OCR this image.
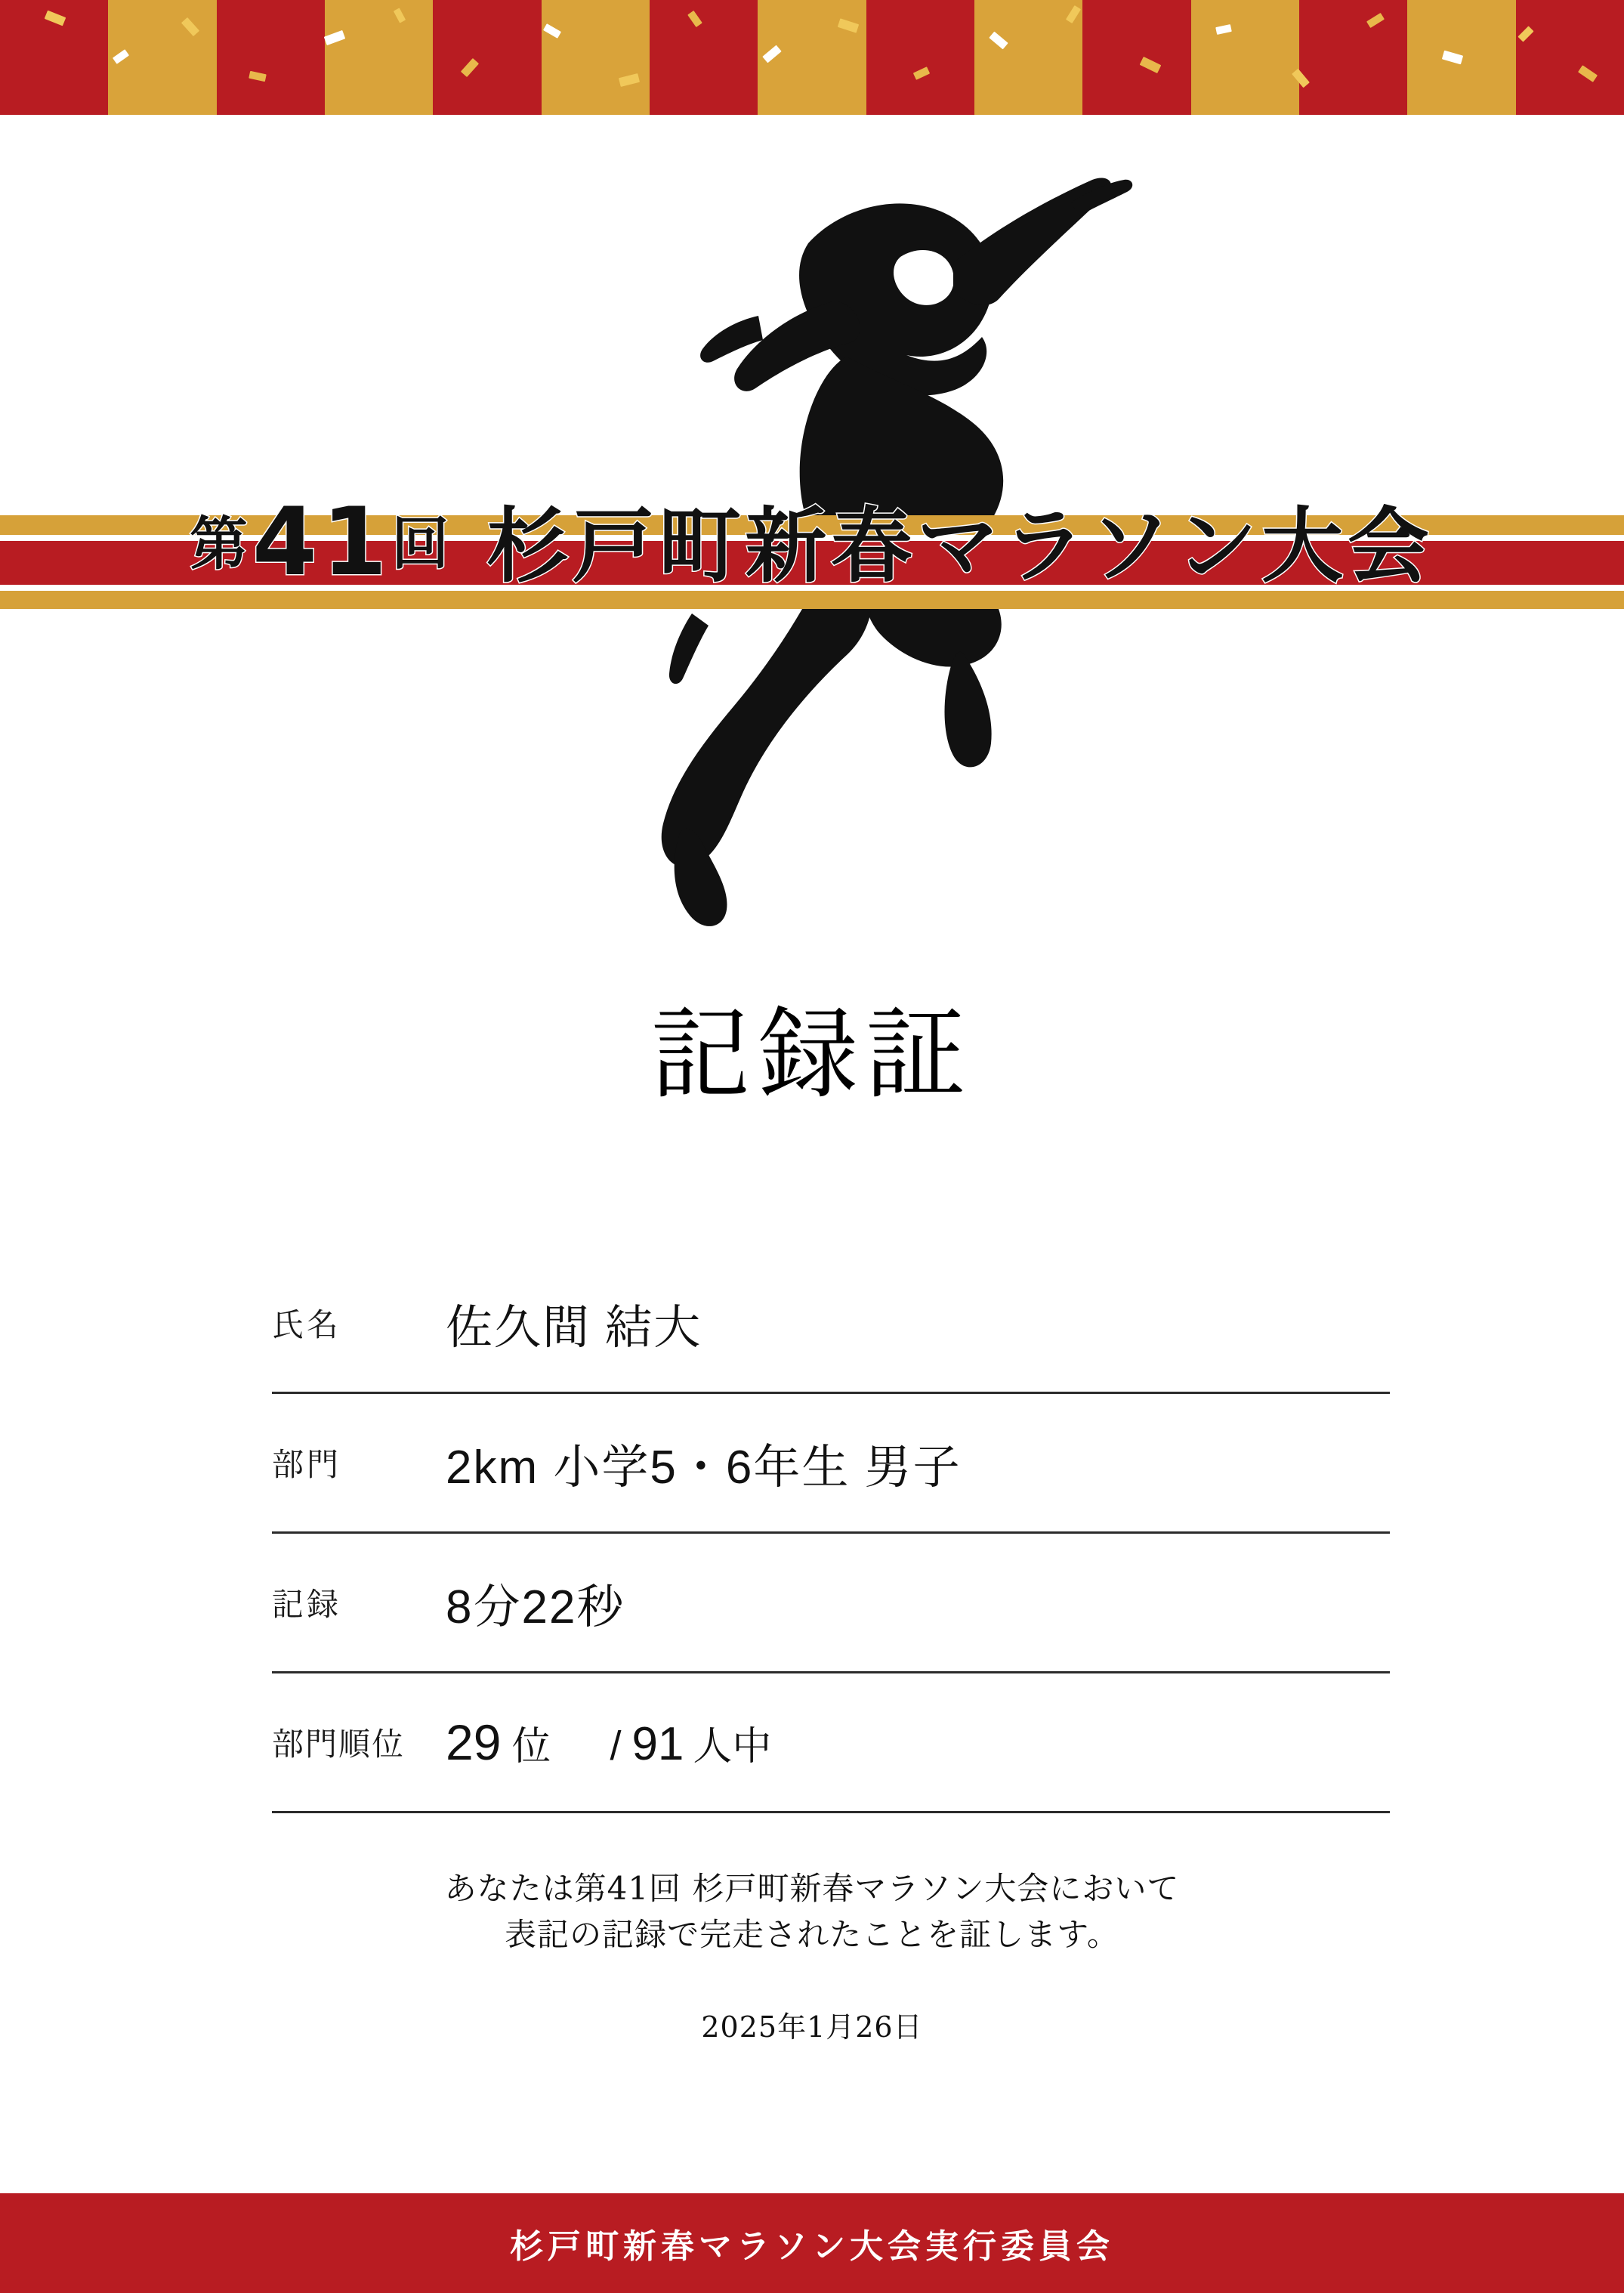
第41回 杉戸町新春マラソン大会
記録証
氏名	佐久間 結大
部門	2km 小学5・6年生 男子
記録	8分22秒
部門順位 29 位 / 91 人中
あなたは第41回 杉戸町新春マラソン大会において
表記の記録で完走されたことを証します。
2025年1月26日
杉戸町新春マラソン大会実行委員会
